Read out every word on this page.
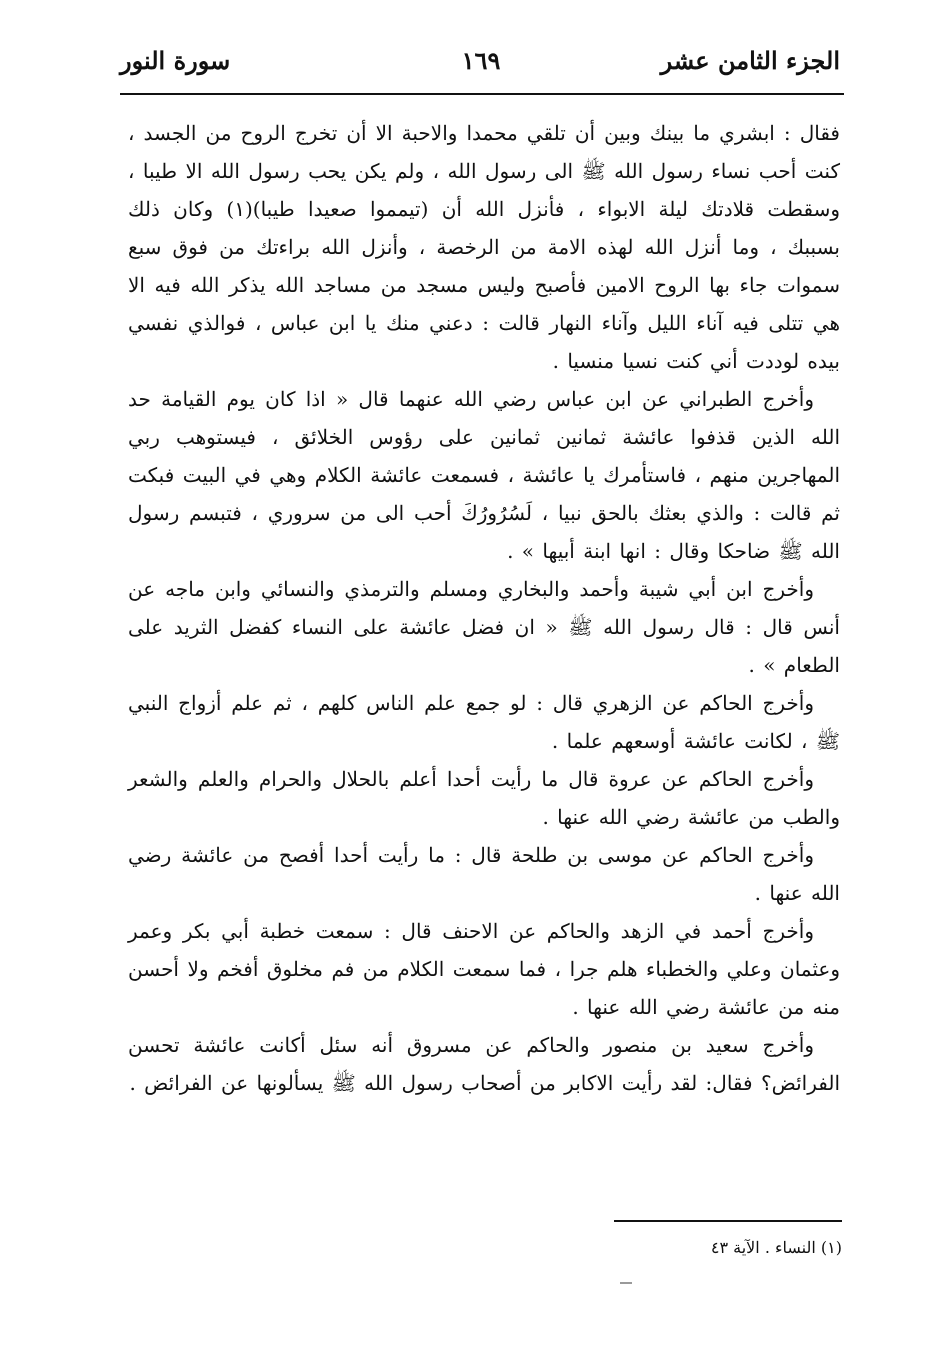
الجزء الثامن عشر
١٦٩
سورة النور

فقال : ابشري ما بينك وبين أن تلقي محمدا والاحبة الا أن تخرج الروح من الجسد ، كنت أحب نساء رسول الله ﷺ الى رسول الله ، ولم يكن يحب رسول الله الا طيبا ، وسقطت قلادتك ليلة الابواء ، فأنزل الله أن (تيمموا صعيدا طيبا)(١) وكان ذلك بسببك ، وما أنزل الله لهذه الامة من الرخصة ، وأنزل الله براءتك من فوق سبع سموات جاء بها الروح الامين فأصبح وليس مسجد من مساجد الله يذكر الله فيه الا هي تتلى فيه آناء الليل وآناء النهار قالت : دعني منك يا ابن عباس ، فوالذي نفسي بيده لوددت أني كنت نسيا منسيا .

وأخرج الطبراني عن ابن عباس رضي الله عنهما قال « اذا كان يوم القيامة حد الله الذين قذفوا عائشة ثمانين ثمانين على رؤوس الخلائق ، فيستوهب ربي المهاجرين منهم ، فاستأمرك يا عائشة ، فسمعت عائشة الكلام وهي في البيت فبكت ثم قالت : والذي بعثك بالحق نبيا ، لَسُرُورُكَ أحب الى من سروري ، فتبسم رسول الله ﷺ ضاحكا وقال : انها ابنة أبيها » .

وأخرج ابن أبي شيبة وأحمد والبخاري ومسلم والترمذي والنسائي وابن ماجه عن أنس قال : قال رسول الله ﷺ « ان فضل عائشة على النساء كفضل الثريد على الطعام » .

وأخرج الحاكم عن الزهري قال : لو جمع علم الناس كلهم ، ثم علم أزواج النبي ﷺ ، لكانت عائشة أوسعهم علما .

وأخرج الحاكم عن عروة قال ما رأيت أحدا أعلم بالحلال والحرام والعلم والشعر والطب من عائشة رضي الله عنها .

وأخرج الحاكم عن موسى بن طلحة قال : ما رأيت أحدا أفصح من عائشة رضي الله عنها .

وأخرج أحمد في الزهد والحاكم عن الاحنف قال : سمعت خطبة أبي بكر وعمر وعثمان وعلي والخطباء هلم جرا ، فما سمعت الكلام من فم مخلوق أفخم ولا أحسن منه من عائشة رضي الله عنها .

وأخرج سعيد بن منصور والحاكم عن مسروق أنه سئل أكانت عائشة تحسن الفرائض؟ فقال: لقد رأيت الاكابر من أصحاب رسول الله ﷺ يسألونها عن الفرائض .

(١) النساء . الآية ٤٣
